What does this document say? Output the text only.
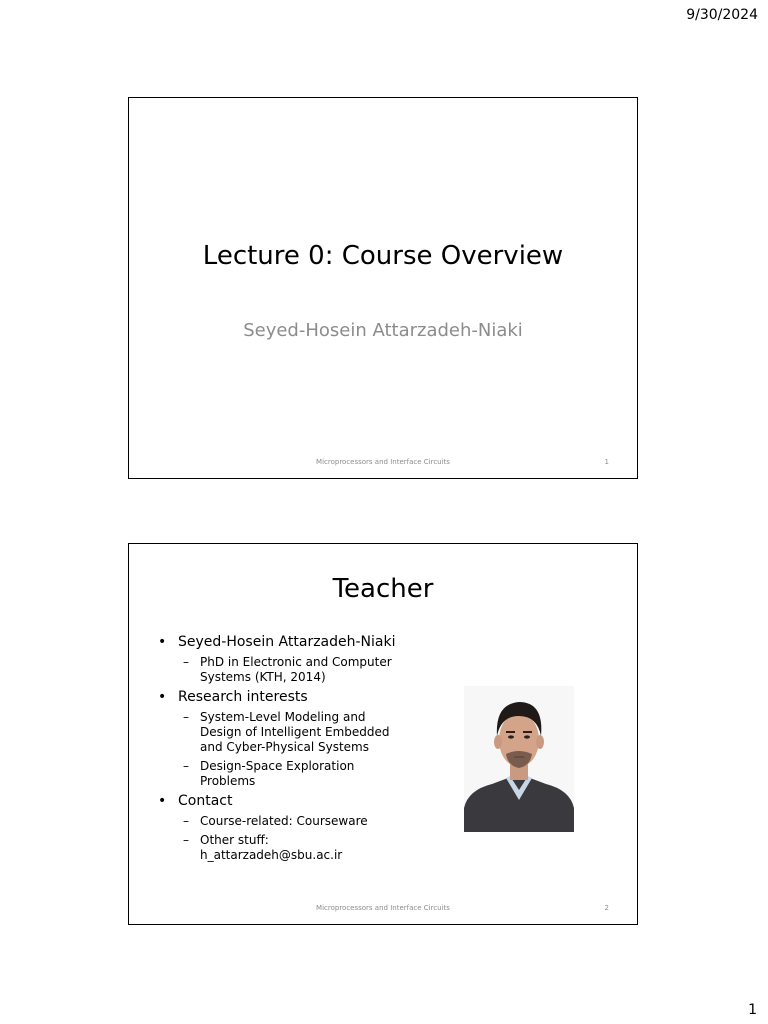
9/30/2024
Lecture 0: Course Overview
Seyed-Hosein Attarzadeh-Niaki
Microprocessors and Interface Circuits	1
Teacher
• Seyed-Hosein Attarzadeh-Niaki
– PhD in Electronic and Computer
Systems (KTH, 2014)
• Research interests
– System-Level Modeling and
Design of Intelligent Embedded
and Cyber-Physical Systems
– Design-Space Exploration
Problems
• Contact
– Course-related: Courseware
– Other stuff:
h_attarzadeh@sbu.ac.ir
Microprocessors and Interface Circuits	2
1
